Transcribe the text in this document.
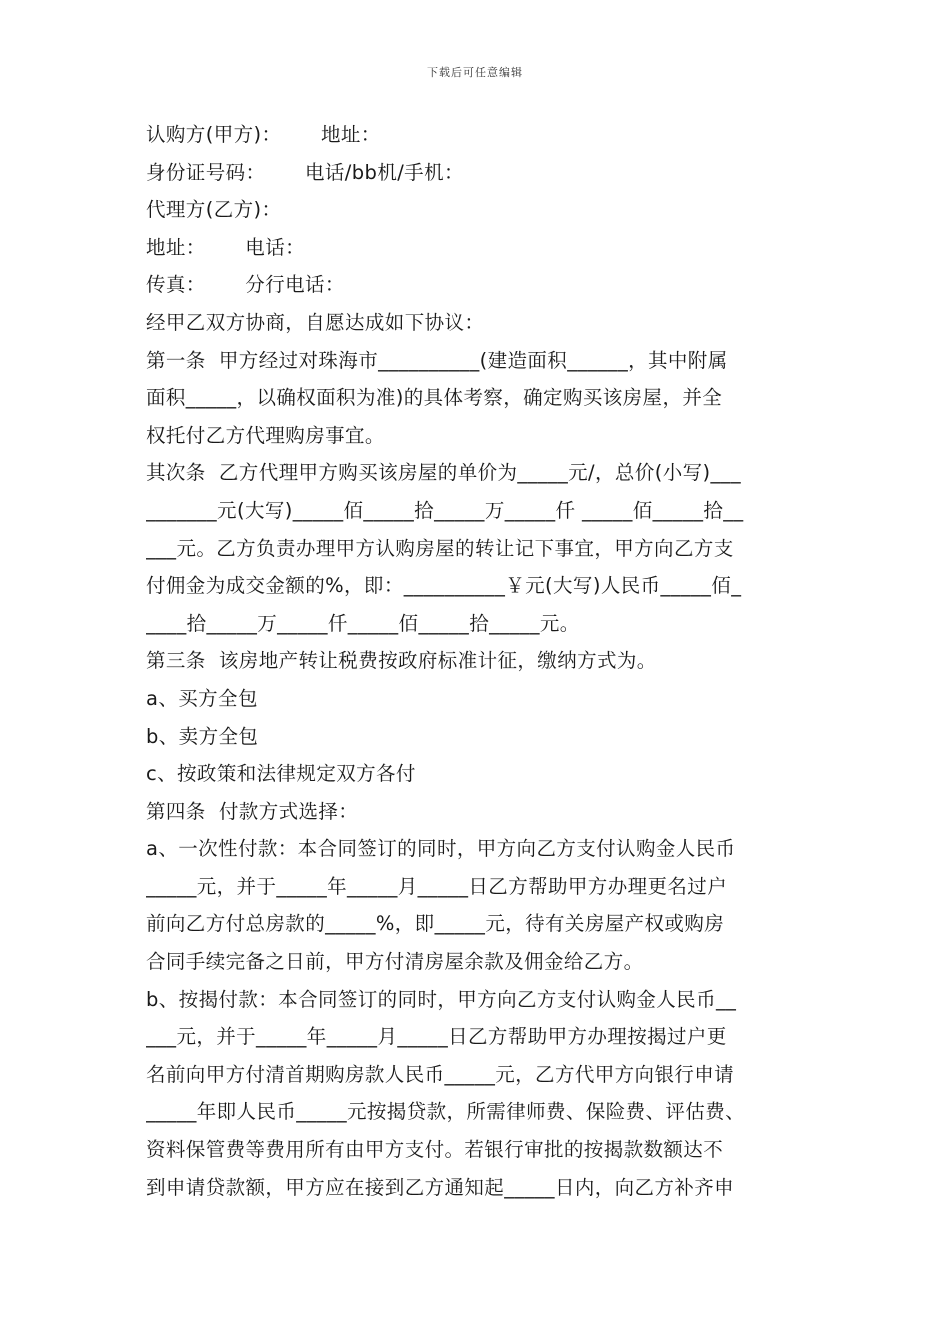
下载后可任意编辑
认购方(甲方)：      地址：
身份证号码：      电话/bb机/手机：
代理方(乙方)：
地址：      电话：
传真：      分行电话：
经甲乙双方协商，自愿达成如下协议：
第一条  甲方经过对珠海市__________(建造面积______，其中附属
面积_____，以确权面积为准)的具体考察，确定购买该房屋，并全
权托付乙方代理购房事宜。
其次条  乙方代理甲方购买该房屋的单价为_____元/，总价(小写)___
_______元(大写)_____佰_____拾_____万_____仟 _____佰_____拾__
___元。乙方负责办理甲方认购房屋的转让记下事宜，甲方向乙方支
付佣金为成交金额的%，即：__________￥元(大写)人民币_____佰_
____拾_____万_____仟_____佰_____拾_____元。
第三条  该房地产转让税费按政府标准计征，缴纳方式为。
a、买方全包
b、卖方全包
c、按政策和法律规定双方各付
第四条  付款方式选择：
a、一次性付款：本合同签订的同时，甲方向乙方支付认购金人民币
_____元，并于_____年_____月_____日乙方帮助甲方办理更名过户
前向乙方付总房款的_____%，即_____元，待有关房屋产权或购房
合同手续完备之日前，甲方付清房屋余款及佣金给乙方。
b、按揭付款：本合同签订的同时，甲方向乙方支付认购金人民币__
___元，并于_____年_____月_____日乙方帮助甲方办理按揭过户更
名前向甲方付清首期购房款人民币_____元，乙方代甲方向银行申请
_____年即人民币_____元按揭贷款，所需律师费、保险费、评估费、
资料保管费等费用所有由甲方支付。若银行审批的按揭款数额达不
到申请贷款额，甲方应在接到乙方通知起_____日内，向乙方补齐申
